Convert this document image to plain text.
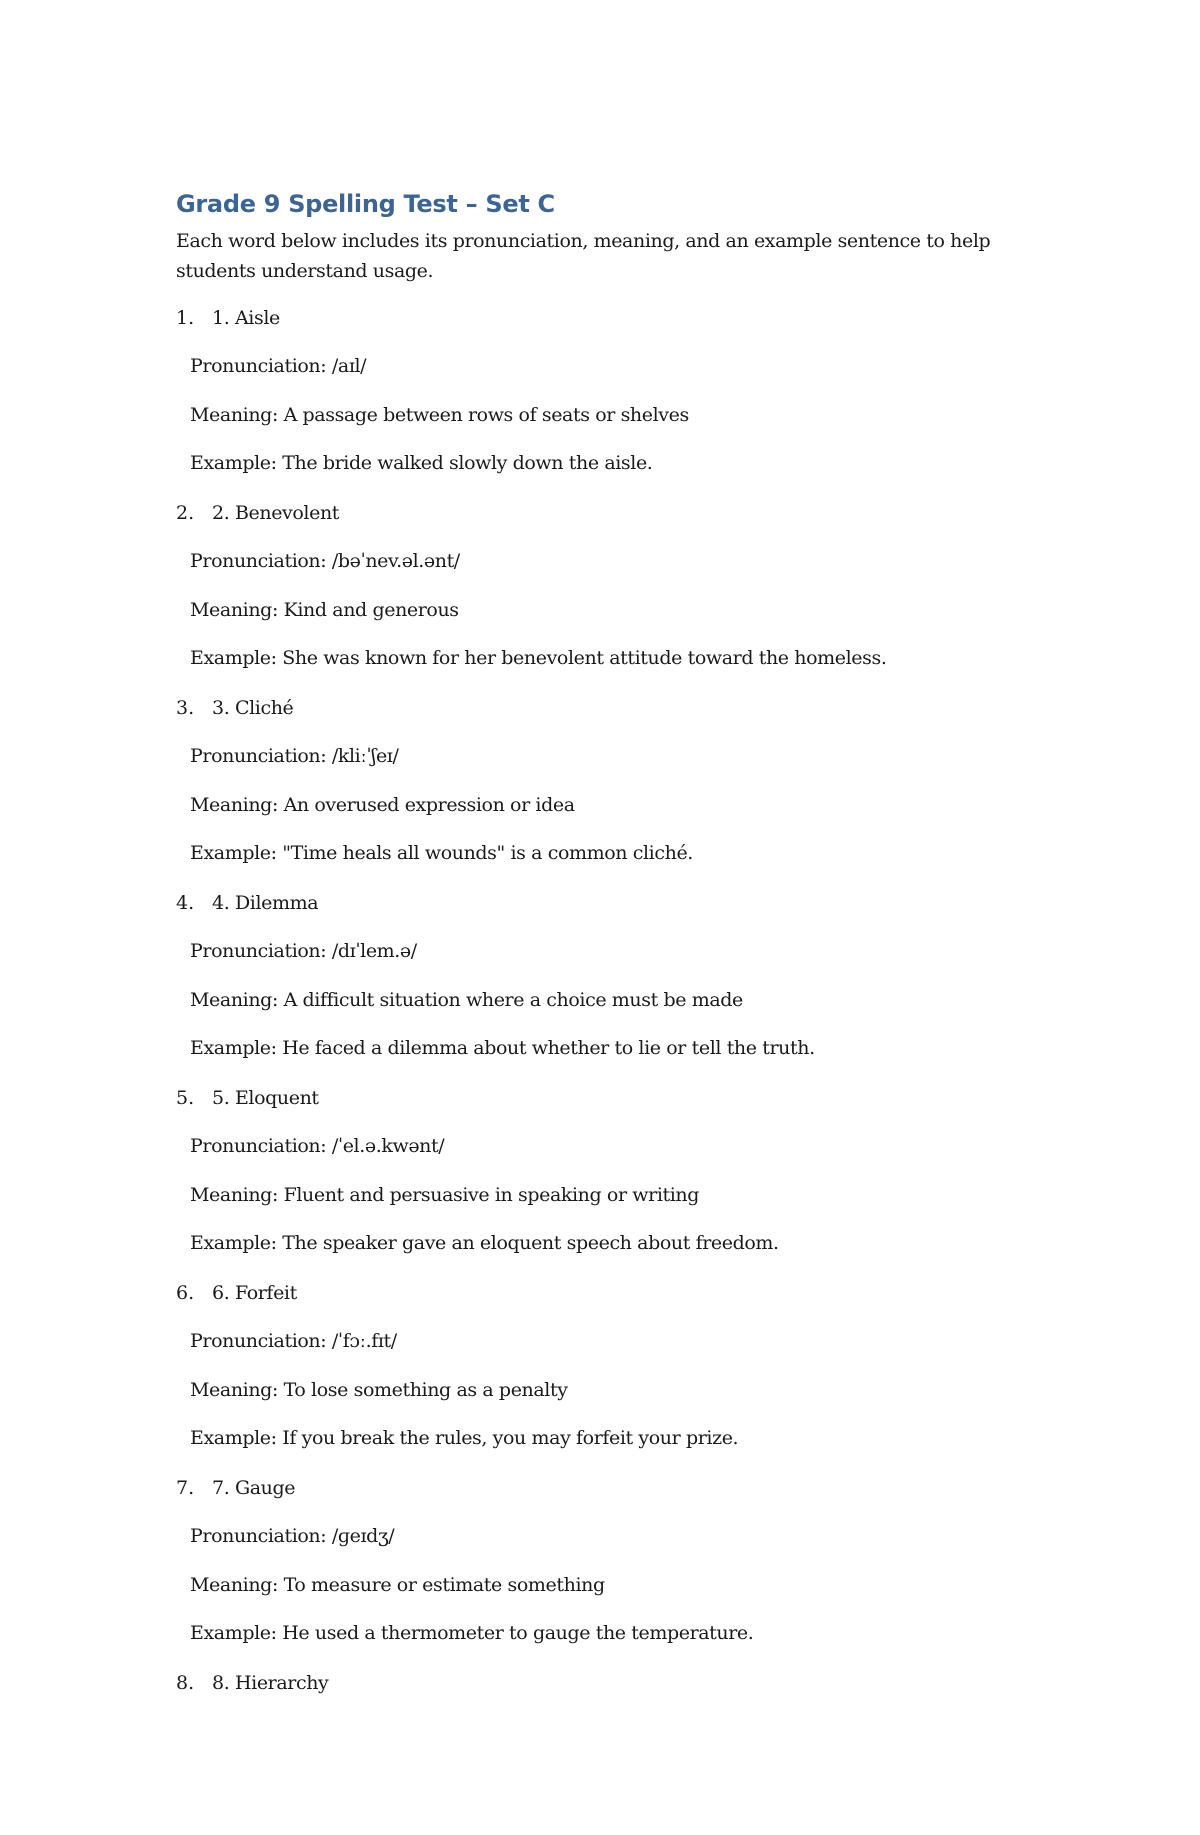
Grade 9 Spelling Test – Set C
Each word below includes its pronunciation, meaning, and an example sentence to help students understand usage.
1. 1. Aisle
Pronunciation: /aɪl/
Meaning: A passage between rows of seats or shelves
Example: The bride walked slowly down the aisle.
2. 2. Benevolent
Pronunciation: /bəˈnev.əl.ənt/
Meaning: Kind and generous
Example: She was known for her benevolent attitude toward the homeless.
3. 3. Cliché
Pronunciation: /kliːˈʃeɪ/
Meaning: An overused expression or idea
Example: "Time heals all wounds" is a common cliché.
4. 4. Dilemma
Pronunciation: /dɪˈlem.ə/
Meaning: A difficult situation where a choice must be made
Example: He faced a dilemma about whether to lie or tell the truth.
5. 5. Eloquent
Pronunciation: /ˈel.ə.kwənt/
Meaning: Fluent and persuasive in speaking or writing
Example: The speaker gave an eloquent speech about freedom.
6. 6. Forfeit
Pronunciation: /ˈfɔː.fɪt/
Meaning: To lose something as a penalty
Example: If you break the rules, you may forfeit your prize.
7. 7. Gauge
Pronunciation: /ɡeɪdʒ/
Meaning: To measure or estimate something
Example: He used a thermometer to gauge the temperature.
8. 8. Hierarchy
